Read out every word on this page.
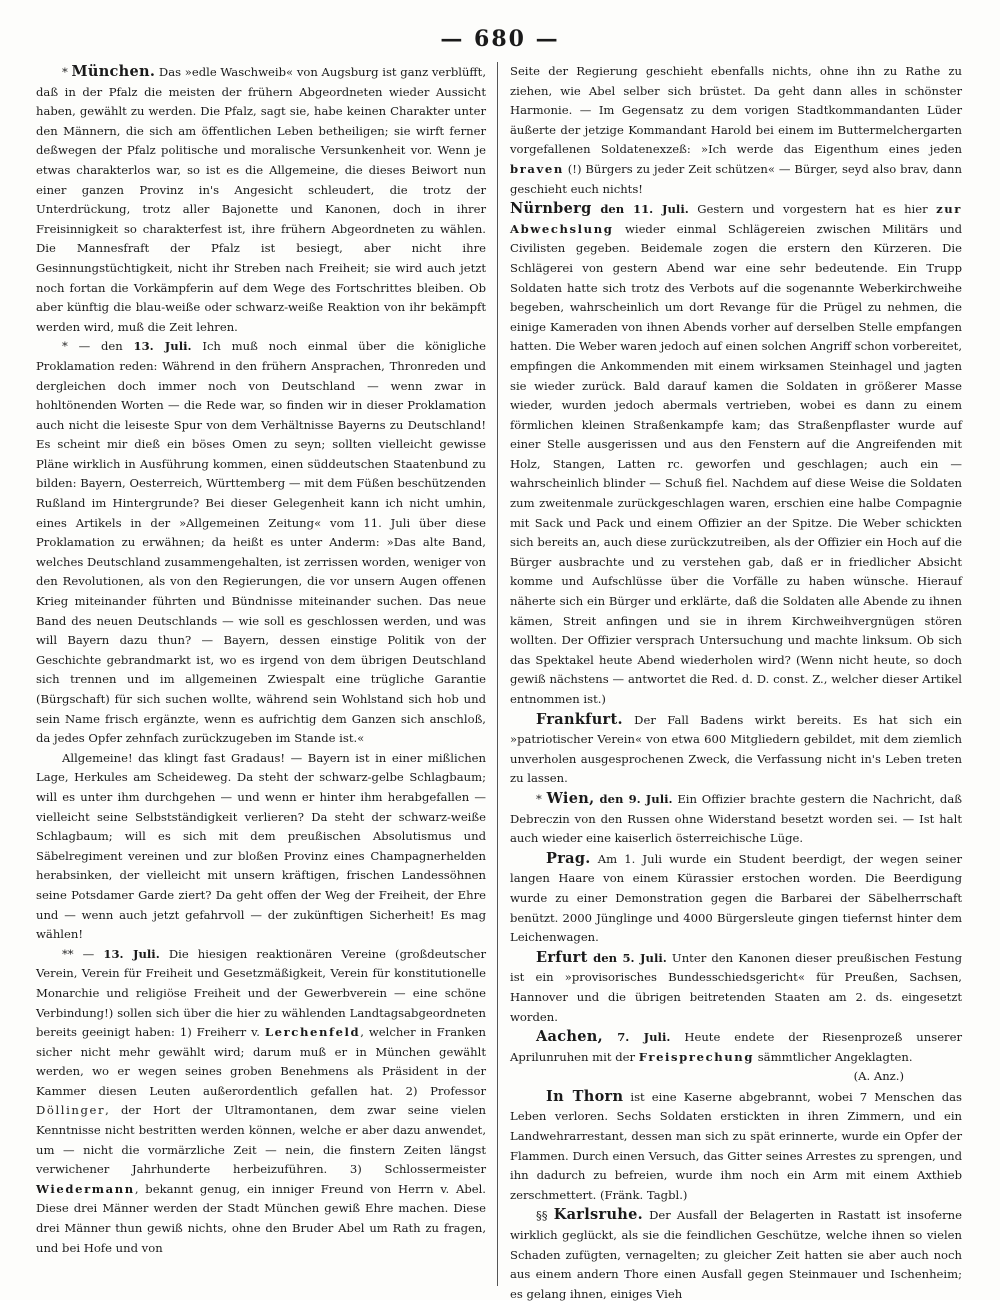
— 680 —

* München. Das »edle Waschweib« von Augsburg ist ganz verblüfft, daß in der Pfalz die meisten der frühern Abgeordneten wieder Aussicht haben, gewählt zu werden. Die Pfalz, sagt sie, habe keinen Charakter unter den Männern, die sich am öffentlichen Leben betheiligen; sie wirft ferner deßwegen der Pfalz politische und moralische Versunkenheit vor. Wenn je etwas charakterlos war, so ist es die Allgemeine, die dieses Beiwort nun einer ganzen Provinz in's Angesicht schleudert, die trotz der Unterdrückung, trotz aller Bajonette und Kanonen, doch in ihrer Freisinnigkeit so charakterfest ist, ihre frühern Abgeordneten zu wählen. Die Mannesfraft der Pfalz ist besiegt, aber nicht ihre Gesinnungstüchtigkeit, nicht ihr Streben nach Freiheit; sie wird auch jetzt noch fortan die Vorkämpferin auf dem Wege des Fortschrittes bleiben. Ob aber künftig die blau-weiße oder schwarz-weiße Reaktion von ihr bekämpft werden wird, muß die Zeit lehren.

* — den 13. Juli. Ich muß noch einmal über die königliche Proklamation reden: Während in den frühern Ansprachen, Thronreden und dergleichen doch immer noch von Deutschland — wenn zwar in hohltönenden Worten — die Rede war, so finden wir in dieser Proklamation auch nicht die leiseste Spur von dem Verhältnisse Bayerns zu Deutschland! Es scheint mir dieß ein böses Omen zu seyn; sollten vielleicht gewisse Pläne wirklich in Ausführung kommen, einen süddeutschen Staatenbund zu bilden: Bayern, Oesterreich, Württemberg — mit dem Füßen beschützenden Rußland im Hintergrunde? Bei dieser Gelegenheit kann ich nicht umhin, eines Artikels in der »Allgemeinen Zeitung« vom 11. Juli über diese Proklamation zu erwähnen; da heißt es unter Anderm: »Das alte Band, welches Deutschland zusammengehalten, ist zerrissen worden, weniger von den Revolutionen, als von den Regierungen, die vor unsern Augen offenen Krieg miteinander führten und Bündnisse miteinander suchen. Das neue Band des neuen Deutschlands — wie soll es geschlossen werden, und was will Bayern dazu thun? — Bayern, dessen einstige Politik von der Geschichte gebrandmarkt ist, wo es irgend von dem übrigen Deutschland sich trennen und im allgemeinen Zwiespalt eine trügliche Garantie (Bürgschaft) für sich suchen wollte, während sein Wohlstand sich hob und sein Name frisch ergänzte, wenn es aufrichtig dem Ganzen sich anschloß, da jedes Opfer zehnfach zurückzugeben im Stande ist.«

Allgemeine! das klingt fast Gradaus! — Bayern ist in einer mißlichen Lage, Herkules am Scheideweg. Da steht der schwarz-gelbe Schlagbaum; will es unter ihm durchgehen — und wenn er hinter ihm herabgefallen — vielleicht seine Selbstständigkeit verlieren? Da steht der schwarz-weiße Schlagbaum; will es sich mit dem preußischen Absolutismus und Säbelregiment vereinen und zur bloßen Provinz eines Champagnerhelden herabsinken, der vielleicht mit unsern kräftigen, frischen Landessöhnen seine Potsdamer Garde ziert? Da geht offen der Weg der Freiheit, der Ehre und — wenn auch jetzt gefahrvoll — der zukünftigen Sicherheit! Es mag wählen!

** — 13. Juli. Die hiesigen reaktionären Vereine (großdeutscher Verein, Verein für Freiheit und Gesetzmäßigkeit, Verein für konstitutionelle Monarchie und religiöse Freiheit und der Gewerbverein — eine schöne Verbindung!) sollen sich über die hier zu wählenden Landtagsabgeordneten bereits geeinigt haben: 1) Freiherr v. Lerchenfeld, welcher in Franken sicher nicht mehr gewählt wird; darum muß er in München gewählt werden, wo er wegen seines groben Benehmens als Präsident in der Kammer diesen Leuten außerordentlich gefallen hat. 2) Professor Döllinger, der Hort der Ultramontanen, dem zwar seine vielen Kenntnisse nicht bestritten werden können, welche er aber dazu anwendet, um — nicht die vormärzliche Zeit — nein, die finstern Zeiten längst verwichener Jahrhunderte herbeizuführen. 3) Schlossermeister Wiedermann, bekannt genug, ein inniger Freund von Herrn v. Abel. Diese drei Männer werden der Stadt München gewiß Ehre machen. Diese drei Männer thun gewiß nichts, ohne den Bruder Abel um Rath zu fragen, und bei Hofe und von

Seite der Regierung geschieht ebenfalls nichts, ohne ihn zu Rathe zu ziehen, wie Abel selber sich brüstet. Da geht dann alles in schönster Harmonie. — Im Gegensatz zu dem vorigen Stadtkommandanten Lüder äußerte der jetzige Kommandant Harold bei einem im Buttermelchergarten vorgefallenen Soldatenexzeß: »Ich werde das Eigenthum eines jeden braven (!) Bürgers zu jeder Zeit schützen« — Bürger, seyd also brav, dann geschieht euch nichts!

Nürnberg den 11. Juli. Gestern und vorgestern hat es hier zur Abwechslung wieder einmal Schlägereien zwischen Militärs und Civilisten gegeben. Beidemale zogen die erstern den Kürzeren. Die Schlägerei von gestern Abend war eine sehr bedeutende. Ein Trupp Soldaten hatte sich trotz des Verbots auf die sogenannte Weberkirchweihe begeben, wahrscheinlich um dort Revange für die Prügel zu nehmen, die einige Kameraden von ihnen Abends vorher auf derselben Stelle empfangen hatten. Die Weber waren jedoch auf einen solchen Angriff schon vorbereitet, empfingen die Ankommenden mit einem wirksamen Steinhagel und jagten sie wieder zurück. Bald darauf kamen die Soldaten in größerer Masse wieder, wurden jedoch abermals vertrieben, wobei es dann zu einem förmlichen kleinen Straßenkampfe kam; das Straßenpflaster wurde auf einer Stelle ausgerissen und aus den Fenstern auf die Angreifenden mit Holz, Stangen, Latten rc. geworfen und geschlagen; auch ein — wahrscheinlich blinder — Schuß fiel. Nachdem auf diese Weise die Soldaten zum zweitenmale zurückgeschlagen waren, erschien eine halbe Compagnie mit Sack und Pack und einem Offizier an der Spitze. Die Weber schickten sich bereits an, auch diese zurückzutreiben, als der Offizier ein Hoch auf die Bürger ausbrachte und zu verstehen gab, daß er in friedlicher Absicht komme und Aufschlüsse über die Vorfälle zu haben wünsche. Hierauf näherte sich ein Bürger und erklärte, daß die Soldaten alle Abende zu ihnen kämen, Streit anfingen und sie in ihrem Kirchweihvergnügen stören wollten. Der Offizier versprach Untersuchung und machte linksum. Ob sich das Spektakel heute Abend wiederholen wird? (Wenn nicht heute, so doch gewiß nächstens — antwortet die Red. d. D. const. Z., welcher dieser Artikel entnommen ist.)

Frankfurt. Der Fall Badens wirkt bereits. Es hat sich ein »patriotischer Verein« von etwa 600 Mitgliedern gebildet, mit dem ziemlich unverholen ausgesprochenen Zweck, die Verfassung nicht in's Leben treten zu lassen.

* Wien, den 9. Juli. Ein Offizier brachte gestern die Nachricht, daß Debreczin von den Russen ohne Widerstand besetzt worden sei. — Ist halt auch wieder eine kaiserlich österreichische Lüge.

Prag. Am 1. Juli wurde ein Student beerdigt, der wegen seiner langen Haare von einem Kürassier erstochen worden. Die Beerdigung wurde zu einer Demonstration gegen die Barbarei der Säbelherrschaft benützt. 2000 Jünglinge und 4000 Bürgersleute gingen tiefernst hinter dem Leichenwagen.

Erfurt den 5. Juli. Unter den Kanonen dieser preußischen Festung ist ein »provisorisches Bundesschiedsgericht« für Preußen, Sachsen, Hannover und die übrigen beitretenden Staaten am 2. ds. eingesetzt worden.

Aachen, 7. Juli. Heute endete der Riesenprozeß unserer Aprilunruhen mit der Freisprechung sämmtlicher Angeklagten.
(A. Anz.)

In Thorn ist eine Kaserne abgebrannt, wobei 7 Menschen das Leben verloren. Sechs Soldaten erstickten in ihren Zimmern, und ein Landwehrarrestant, dessen man sich zu spät erinnerte, wurde ein Opfer der Flammen. Durch einen Versuch, das Gitter seines Arrestes zu sprengen, und ihn dadurch zu befreien, wurde ihm noch ein Arm mit einem Axthieb zerschmettert. (Fränk. Tagbl.)

§§ Karlsruhe. Der Ausfall der Belagerten in Rastatt ist insoferne wirklich geglückt, als sie die feindlichen Geschütze, welche ihnen so vielen Schaden zufügten, vernagelten; zu gleicher Zeit hatten sie aber auch noch aus einem andern Thore einen Ausfall gegen Steinmauer und Ischenheim; es gelang ihnen, einiges Vieh
